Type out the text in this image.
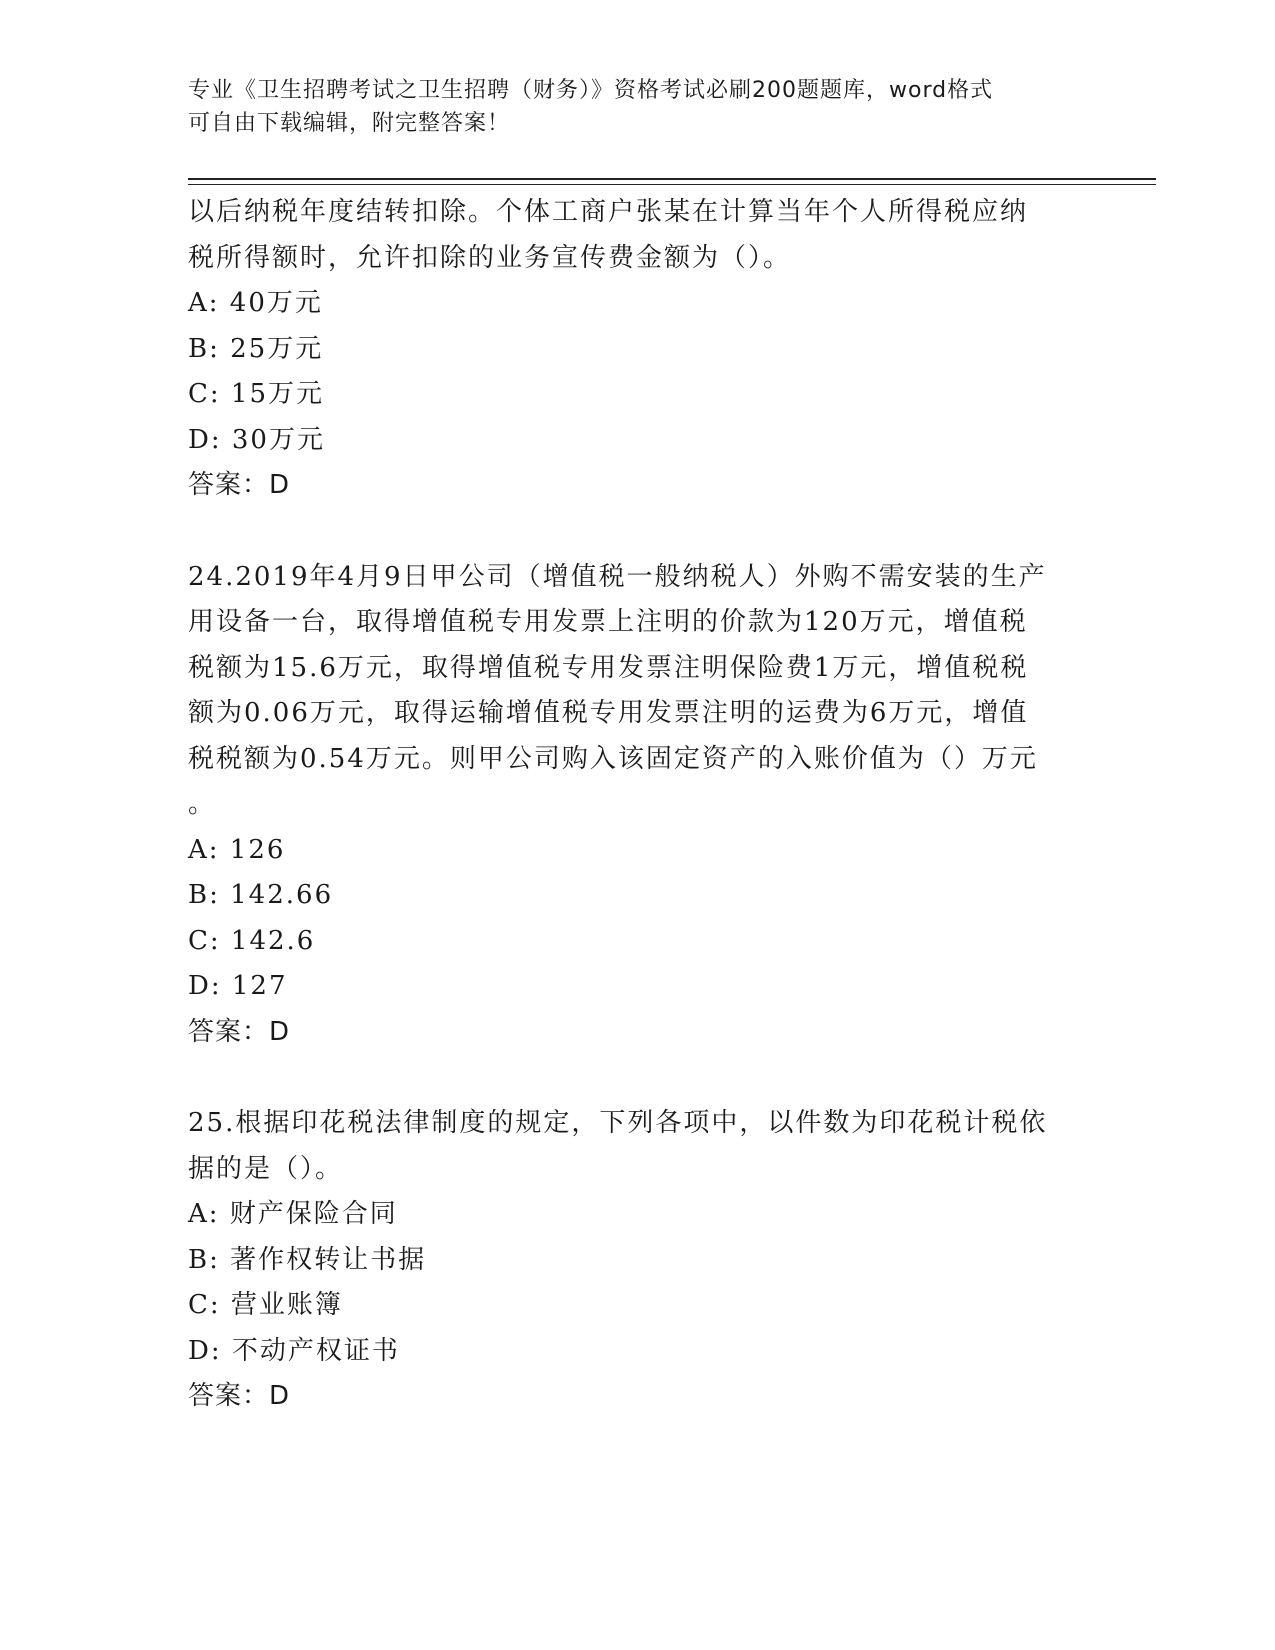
专业《卫生招聘考试之卫生招聘（财务）》资格考试必刷200题题库，word格式
可自由下载编辑，附完整答案！

以后纳税年度结转扣除。个体工商户张某在计算当年个人所得税应纳

税所得额时，允许扣除的业务宣传费金额为（）。

A: 40万元

B: 25万元

C: 15万元

D: 30万元

答案：D

24.2019年4月9日甲公司（增值税一般纳税人）外购不需安装的生产

用设备一台，取得增值税专用发票上注明的价款为120万元，增值税

税额为15.6万元，取得增值税专用发票注明保险费1万元，增值税税

额为0.06万元，取得运输增值税专用发票注明的运费为6万元，增值

税税额为0.54万元。则甲公司购入该固定资产的入账价值为（）万元

。

A: 126

B: 142.66

C: 142.6

D: 127

答案：D

25.根据印花税法律制度的规定，下列各项中，以件数为印花税计税依

据的是（）。

A: 财产保险合同

B: 著作权转让书据

C: 营业账簿

D: 不动产权证书

答案：D
